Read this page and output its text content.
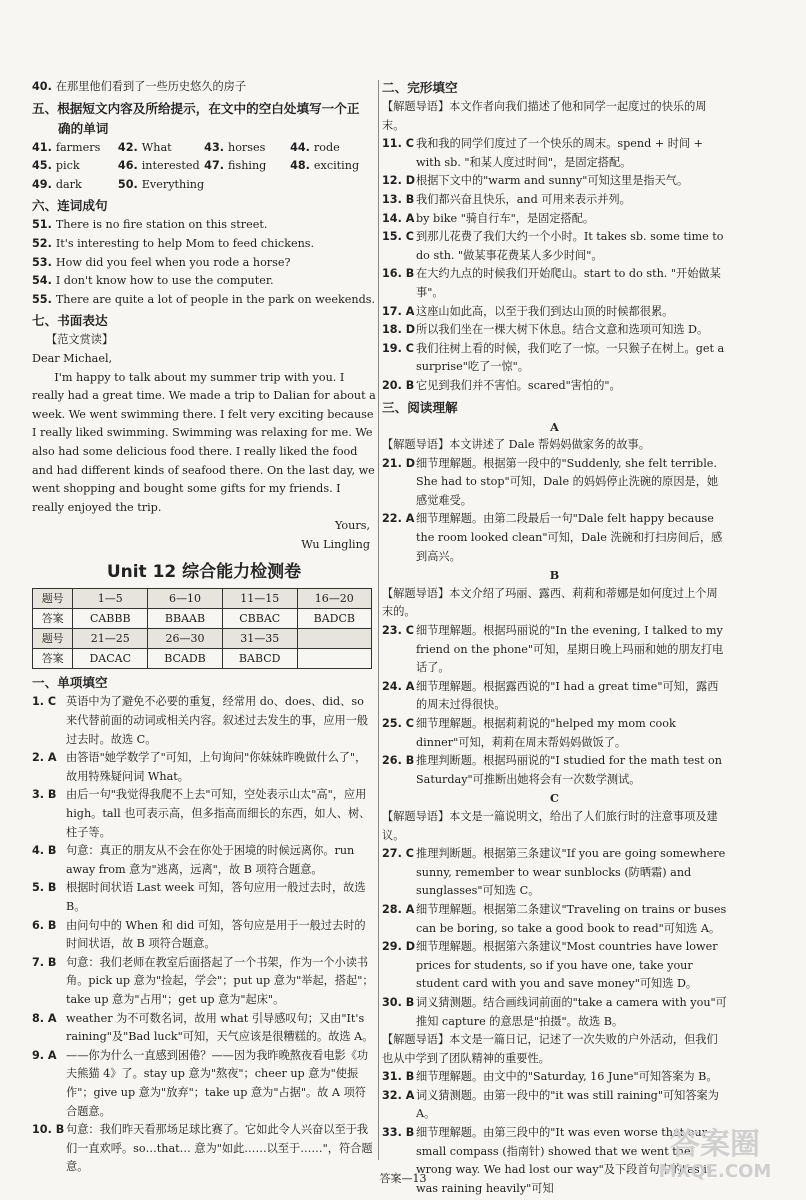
40. 在那里他们看到了一些历史悠久的房子
五、根据短文内容及所给提示，在文中的空白处填写一个正
确的单词
41. farmers	42. What	43. horses	44. rode
45. pick	46. interested 47. fishing	48. exciting
49. dark	50. Everything
六、连词成句
51. There is no fire station on this street.
52. It's interesting to help Mom to feed chickens.
53. How did you feel when you rode a horse?
54. I don't know how to use the computer.
55. There are quite a lot of people in the park on weekends.
七、书面表达
【范文赏读】
Dear Michael,

I'm happy to talk about my summer trip with you. I really had a great time. We made a trip to Dalian for about a week. We went swimming there. I felt very exciting because I really liked swimming. Swimming was relaxing for me. We also had some delicious food there. I really liked the food and had different kinds of seafood there. On the last day, we went shopping and bought some gifts for my friends. I really enjoyed the trip.

Yours,
Wu Lingling
Unit 12 综合能力检测卷
题号	1—5	6—10	11—15	16—20
答案	CABBB	BBAAB	CBBAC	BADCB
题号	21—25	26—30	31—35	
答案	DACAC	BCADB	BABCD	
一、单项填空
1. C 英语中为了避免不必要的重复，经常用 do、does、did、so 来代替前面的动词或相关内容。叙述过去发生的事，应用一般过去时。故选 C。
2. A 由答语"她学数学了"可知，上句询问"你妹妹昨晚做什么了"，故用特殊疑问词 What。
3. B 由后一句"我觉得我爬不上去"可知，空处表示山太"高"，应用 high。tall 也可表示高，但多指高而细长的东西，如人、树、柱子等。
4. B 句意：真正的朋友从不会在你处于困境的时候远离你。run away from 意为"逃离，远离"，故 B 项符合题意。
5. B 根据时间状语 Last week 可知，答句应用一般过去时，故选 B。
6. B 由问句中的 When 和 did 可知，答句应是用于一般过去时的时间状语，故 B 项符合题意。
7. B 句意：我们老师在教室后面搭起了一个书架，作为一个小读书角。pick up 意为"捡起，学会"；put up 意为"举起，搭起"；take up 意为"占用"；get up 意为"起床"。
8. A weather 为不可数名词，故用 what 引导感叹句；又由"It's raining"及"Bad luck"可知，天气应该是很糟糕的。故选 A。
9. A ——你为什么一直感到困倦？——因为我昨晚熬夜看电影《功夫熊猫 4》了。stay up 意为"熬夜"；cheer up 意为"使振作"；give up 意为"放弃"；take up 意为"占据"。故 A 项符合题意。
10. B 句意：我们昨天看那场足球比赛了。它如此令人兴奋以至于我们一直欢呼。so…that… 意为"如此……以至于……"，符合题意。
二、完形填空
【解题导语】本文作者向我们描述了他和同学一起度过的快乐的周末。
11. C 我和我的同学们度过了一个快乐的周末。spend + 时间 + with sb. "和某人度过时间"，是固定搭配。
12. D 根据下文中的"warm and sunny"可知这里是指天气。
13. B 我们都兴奋且快乐，and 可用来表示并列。
14. A by bike "骑自行车"，是固定搭配。
15. C 到那儿花费了我们大约一个小时。It takes sb. some time to do sth. "做某事花费某人多少时间"。
16. B 在大约九点的时候我们开始爬山。start to do sth. "开始做某事"。
17. A 这座山如此高，以至于我们到达山顶的时候都很累。
18. D 所以我们坐在一棵大树下休息。结合文意和选项可知选 D。
19. C 我们往树上看的时候，我们吃了一惊。一只猴子在树上。get a surprise"吃了一惊"。
20. B 它见到我们并不害怕。scared"害怕的"。
三、阅读理解
A
【解题导语】本文讲述了 Dale 帮妈妈做家务的故事。
21. D 细节理解题。根据第一段中的"Suddenly, she felt terrible. She had to stop"可知，Dale 的妈妈停止洗碗的原因是，她感觉难受。
22. A 细节理解题。由第二段最后一句"Dale felt happy because the room looked clean"可知，Dale 洗碗和打扫房间后，感到高兴。
B
【解题导语】本文介绍了玛丽、露西、莉莉和蒂娜是如何度过上个周末的。
23. C 细节理解题。根据玛丽说的"In the evening, I talked to my friend on the phone"可知，星期日晚上玛丽和她的朋友打电话了。
24. A 细节理解题。根据露西说的"I had a great time"可知，露西的周末过得很快。
25. C 细节理解题。根据莉莉说的"helped my mom cook dinner"可知，莉莉在周末帮妈妈做饭了。
26. B 推理判断题。根据玛丽说的"I studied for the math test on Saturday"可推断出她将会有一次数学测试。
C
【解题导语】本文是一篇说明文，给出了人们旅行时的注意事项及建议。
27. C 推理判断题。根据第三条建议"If you are going somewhere sunny, remember to wear sunblocks (防晒霜) and sunglasses"可知选 C。
28. A 细节理解题。根据第二条建议"Traveling on trains or buses can be boring, so take a good book to read"可知选 A。
29. D 细节理解题。根据第六条建议"Most countries have lower prices for students, so if you have one, take your student card with you and save money"可知选 D。
30. B 词义猜测题。结合画线词前面的"take a camera with you"可推知 capture 的意思是"拍摄"。故选 B。
【解题导语】本文是一篇日记，记述了一次失败的户外活动，但我们也从中学到了团队精神的重要性。
31. B 细节理解题。由文中的"Saturday, 16 June"可知答案为 B。
32. A 词义猜测题。由第一段中的"it was still raining"可知答案为 A。
33. B 细节理解题。由第三段中的"It was even worse that our small compass (指南针) showed that we went the wrong way. We had lost our way"及下段首句中的"as it was raining heavily"可知
答案—13
答案圈
MXQE.COM
